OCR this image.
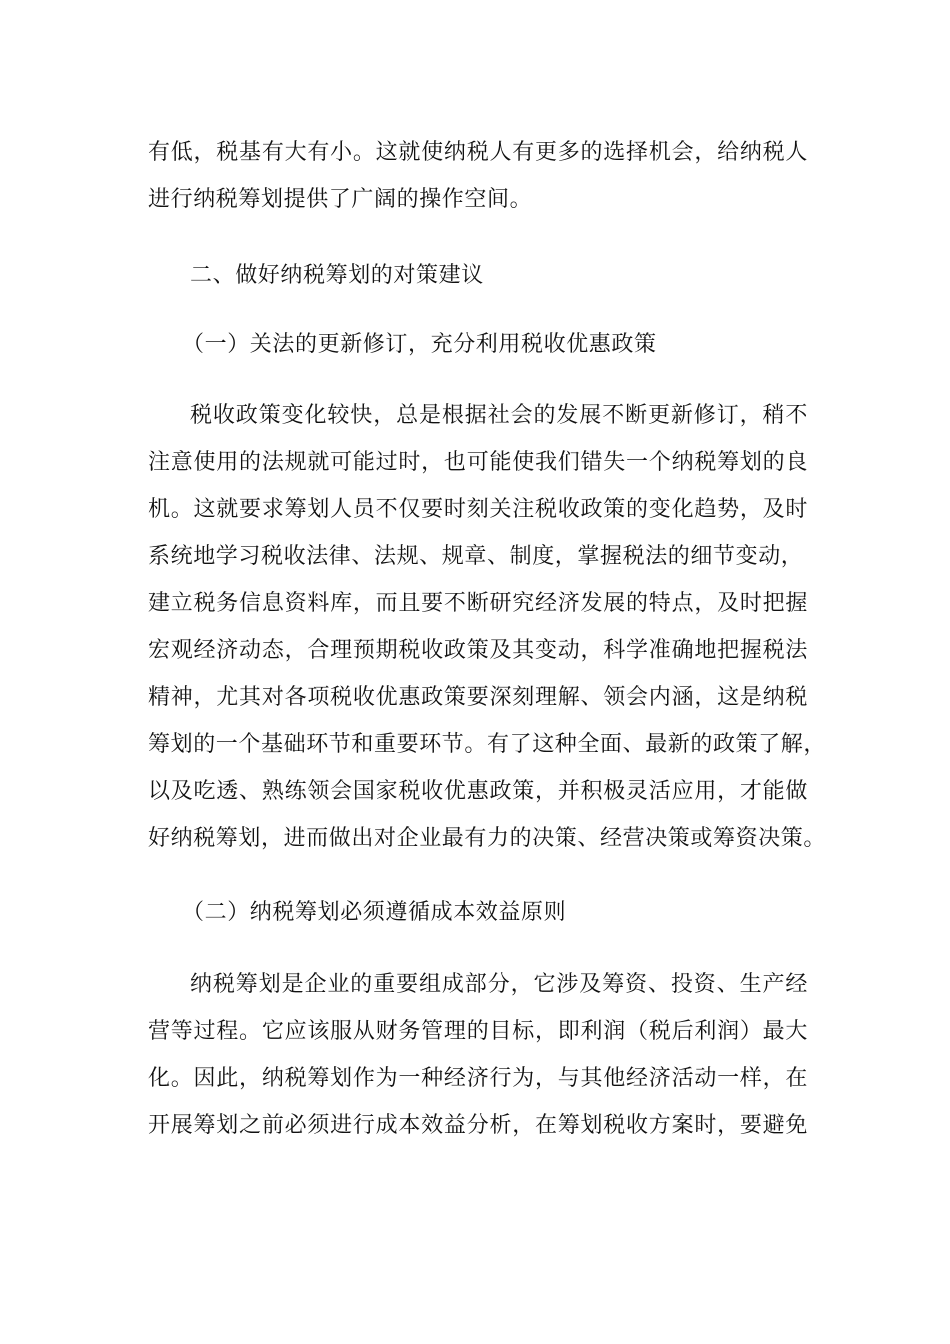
有低，税基有大有小。这就使纳税人有更多的选择机会，给纳税人
进行纳税筹划提供了广阔的操作空间。
二、做好纳税筹划的对策建议
（一）关法的更新修订，充分利用税收优惠政策
税收政策变化较快，总是根据社会的发展不断更新修订，稍不
注意使用的法规就可能过时，也可能使我们错失一个纳税筹划的良
机。这就要求筹划人员不仅要时刻关注税收政策的变化趋势，及时
系统地学习税收法律、法规、规章、制度，掌握税法的细节变动，
建立税务信息资料库，而且要不断研究经济发展的特点，及时把握
宏观经济动态，合理预期税收政策及其变动，科学准确地把握税法
精神，尤其对各项税收优惠政策要深刻理解、领会内涵，这是纳税
筹划的一个基础环节和重要环节。有了这种全面、最新的政策了解，
以及吃透、熟练领会国家税收优惠政策，并积极灵活应用，才能做
好纳税筹划，进而做出对企业最有力的决策、经营决策或筹资决策。
（二）纳税筹划必须遵循成本效益原则
纳税筹划是企业的重要组成部分，它涉及筹资、投资、生产经
营等过程。它应该服从财务管理的目标，即利润（税后利润）最大
化。因此，纳税筹划作为一种经济行为，与其他经济活动一样，在
开展筹划之前必须进行成本效益分析，在筹划税收方案时，要避免
